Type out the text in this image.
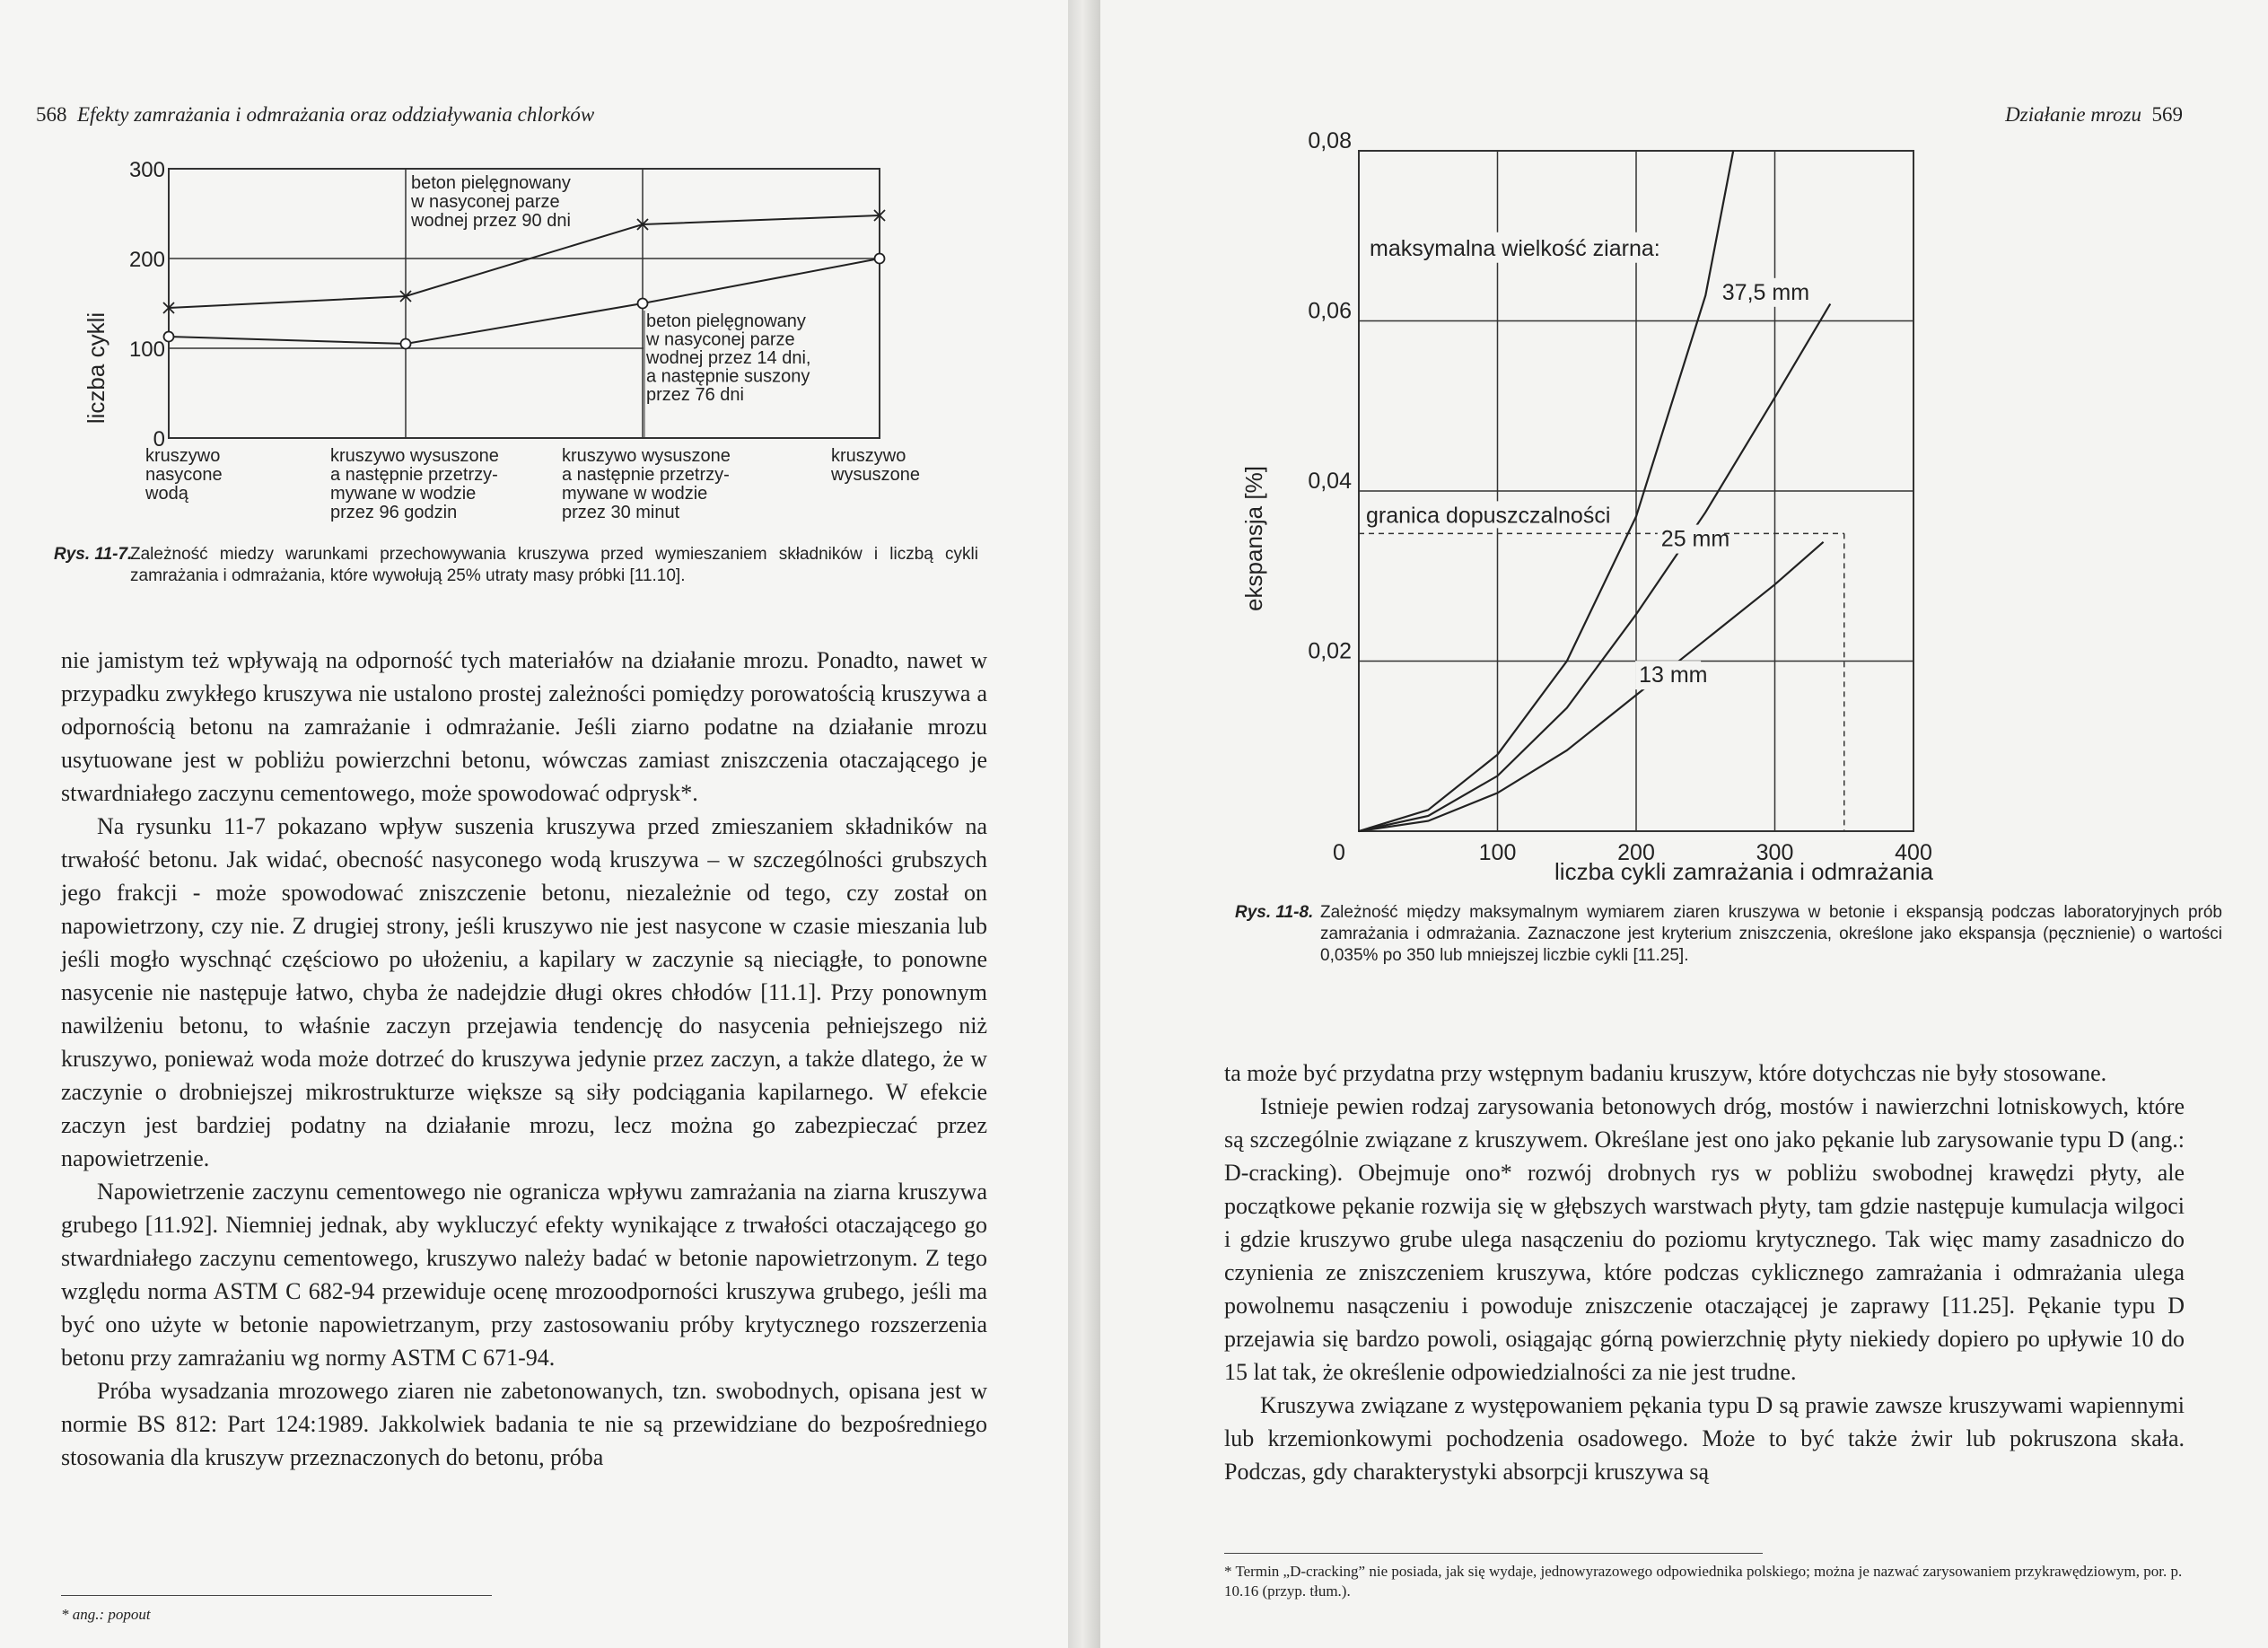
568 Efekty zamrażania i odmrażania oraz oddziaływania chlorków
beton pielęgnowany
w nasyconej parze
wodnej przez 90 dni
beton pielęgnowany
w nasyconej parze
wodnej przez 14 dni,
a następnie suszony
przez 76 dni
0
100
200
300
kruszywo
nasycone
wodą
kruszywo wysuszone
a następnie przetrzy-
mywane w wodzie
przez 96 godzin
kruszywo wysuszone
a następnie przetrzy-
mywane w wodzie
przez 30 minut
kruszywo
wysuszone
liczba cykli
Rys. 11-7.
Zależność miedzy warunkami przechowywania kruszywa przed wymieszaniem składników i liczbą cykli zamrażania i odmrażania, które wywołują 25% utraty masy próbki [11.10].

nie jamistym też wpływają na odporność tych materiałów na działanie mrozu. Ponadto, nawet w przypadku zwykłego kruszywa nie ustalono prostej zależności pomiędzy porowatością kruszywa a odpornością betonu na zamrażanie i odmrażanie. Jeśli ziarno podatne na działanie mrozu usytuowane jest w pobliżu powierzchni betonu, wówczas zamiast zniszczenia otaczającego je stwardniałego zaczynu cementowego, może spowodować odprysk*.

Na rysunku 11-7 pokazano wpływ suszenia kruszywa przed zmieszaniem składników na trwałość betonu. Jak widać, obecność nasyconego wodą kruszywa – w szczególności grubszych jego frakcji - może spowodować zniszczenie betonu, niezależnie od tego, czy został on napowietrzony, czy nie. Z drugiej strony, jeśli kruszywo nie jest nasycone w czasie mieszania lub jeśli mogło wyschnąć częściowo po ułożeniu, a kapilary w zaczynie są nieciągłe, to ponowne nasycenie nie następuje łatwo, chyba że nadejdzie długi okres chłodów [11.1]. Przy ponownym nawilżeniu betonu, to właśnie zaczyn przejawia tendencję do nasycenia pełniejszego niż kruszywo, ponieważ woda może dotrzeć do kruszywa jedynie przez zaczyn, a także dlatego, że w zaczynie o drobniejszej mikrostrukturze większe są siły podciągania kapilarnego. W efekcie zaczyn jest bardziej podatny na działanie mrozu, lecz można go zabezpieczać przez napowietrzenie.

Napowietrzenie zaczynu cementowego nie ogranicza wpływu zamrażania na ziarna kruszywa grubego [11.92]. Niemniej jednak, aby wykluczyć efekty wynikające z trwałości otaczającego go stwardniałego zaczynu cementowego, kruszywo należy badać w betonie napowietrzonym. Z tego względu norma ASTM C 682-94 przewiduje ocenę mrozoodporności kruszywa grubego, jeśli ma być ono użyte w betonie napowietrzanym, przy zastosowaniu próby krytycznego rozszerzenia betonu przy zamrażaniu wg normy ASTM C 671-94.

Próba wysadzania mrozowego ziaren nie zabetonowanych, tzn. swobodnych, opisana jest w normie BS 812: Part 124:1989. Jakkolwiek badania te nie są przewidziane do bezpośredniego stosowania dla kruszyw przeznaczonych do betonu, próba

* ang.: popout
Działanie mrozu 569
granica dopuszczalności
0	100	200	300	400
0,02
0,04
0,06
0,08
maksymalna wielkość ziarna:
37,5 mm
25 mm
13 mm
ekspansja [%]
liczba cykli zamrażania i odmrażania
Rys. 11-8. Zależność między maksymalnym wymiarem ziaren kruszywa w betonie i ekspansją podczas laboratoryjnych prób zamrażania i odmrażania. Zaznaczone jest kryterium zniszczenia, określone jako ekspansja (pęcznienie) o wartości 0,035% po 350 lub mniejszej liczbie cykli [11.25].

ta może być przydatna przy wstępnym badaniu kruszyw, które dotychczas nie były stosowane.

Istnieje pewien rodzaj zarysowania betonowych dróg, mostów i nawierzchni lotniskowych, które są szczególnie związane z kruszywem. Określane jest ono jako pękanie lub zarysowanie typu D (ang.: D-cracking). Obejmuje ono* rozwój drobnych rys w pobliżu swobodnej krawędzi płyty, ale początkowe pękanie rozwija się w głębszych warstwach płyty, tam gdzie następuje kumulacja wilgoci i gdzie kruszywo grube ulega nasączeniu do poziomu krytycznego. Tak więc mamy zasadniczo do czynienia ze zniszczeniem kruszywa, które podczas cyklicznego zamrażania i odmrażania ulega powolnemu nasączeniu i powoduje zniszczenie otaczającej je zaprawy [11.25]. Pękanie typu D przejawia się bardzo powoli, osiągając górną powierzchnię płyty niekiedy dopiero po upływie 10 do 15 lat tak, że określenie odpowiedzialności za nie jest trudne.

Kruszywa związane z występowaniem pękania typu D są prawie zawsze kruszywami wapiennymi lub krzemionkowymi pochodzenia osadowego. Może to być także żwir lub pokruszona skała. Podczas, gdy charakterystyki absorpcji kruszywa są

* Termin „D-cracking” nie posiada, jak się wydaje, jednowyrazowego odpowiednika polskiego; można je nazwać zarysowaniem przykrawędziowym, por. p. 10.16 (przyp. tłum.).
